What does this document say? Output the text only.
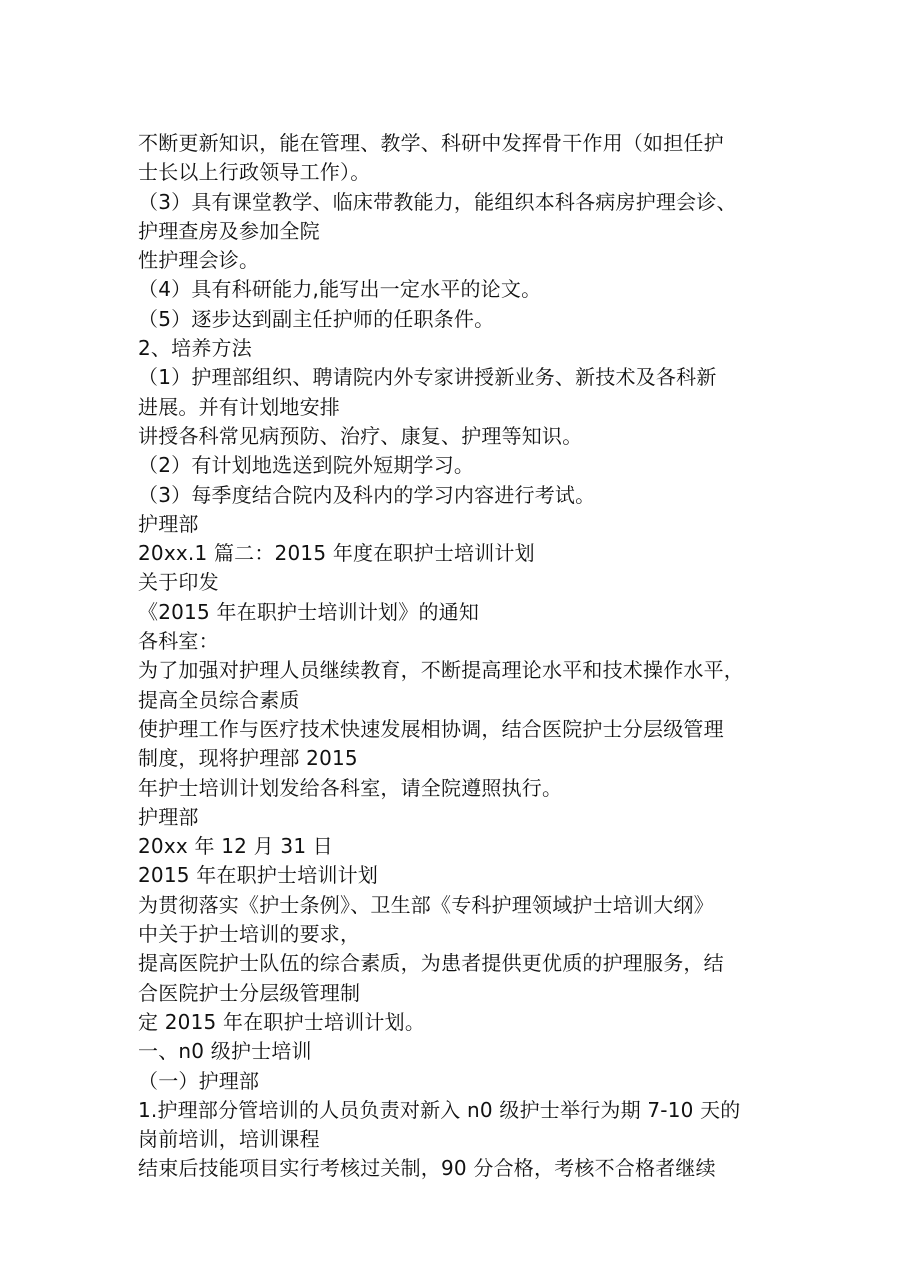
不断更新知识，能在管理、教学、科研中发挥骨干作用（如担任护
士长以上行政领导工作）。
（3）具有课堂教学、临床带教能力，能组织本科各病房护理会诊、
护理查房及参加全院
性护理会诊。
（4）具有科研能力,能写出一定水平的论文。
（5）逐步达到副主任护师的任职条件。
2、培养方法
（1）护理部组织、聘请院内外专家讲授新业务、新技术及各科新
进展。并有计划地安排
讲授各科常见病预防、治疗、康复、护理等知识。
（2）有计划地选送到院外短期学习。
（3）每季度结合院内及科内的学习内容进行考试。
护理部
20xx.1 篇二：2015 年度在职护士培训计划
关于印发
《2015 年在职护士培训计划》的通知
各科室：
为了加强对护理人员继续教育，不断提高理论水平和技术操作水平，
提高全员综合素质
使护理工作与医疗技术快速发展相协调，结合医院护士分层级管理
制度，现将护理部 2015
年护士培训计划发给各科室，请全院遵照执行。
护理部
20xx 年 12 月 31 日
2015 年在职护士培训计划
为贯彻落实《护士条例》、卫生部《专科护理领域护士培训大纲》
中关于护士培训的要求，
提高医院护士队伍的综合素质，为患者提供更优质的护理服务，结
合医院护士分层级管理制
定 2015 年在职护士培训计划。
一、n0 级护士培训
（一）护理部
1.护理部分管培训的人员负责对新入 n0 级护士举行为期 7-10 天的
岗前培训，培训课程
结束后技能项目实行考核过关制，90 分合格，考核不合格者继续
